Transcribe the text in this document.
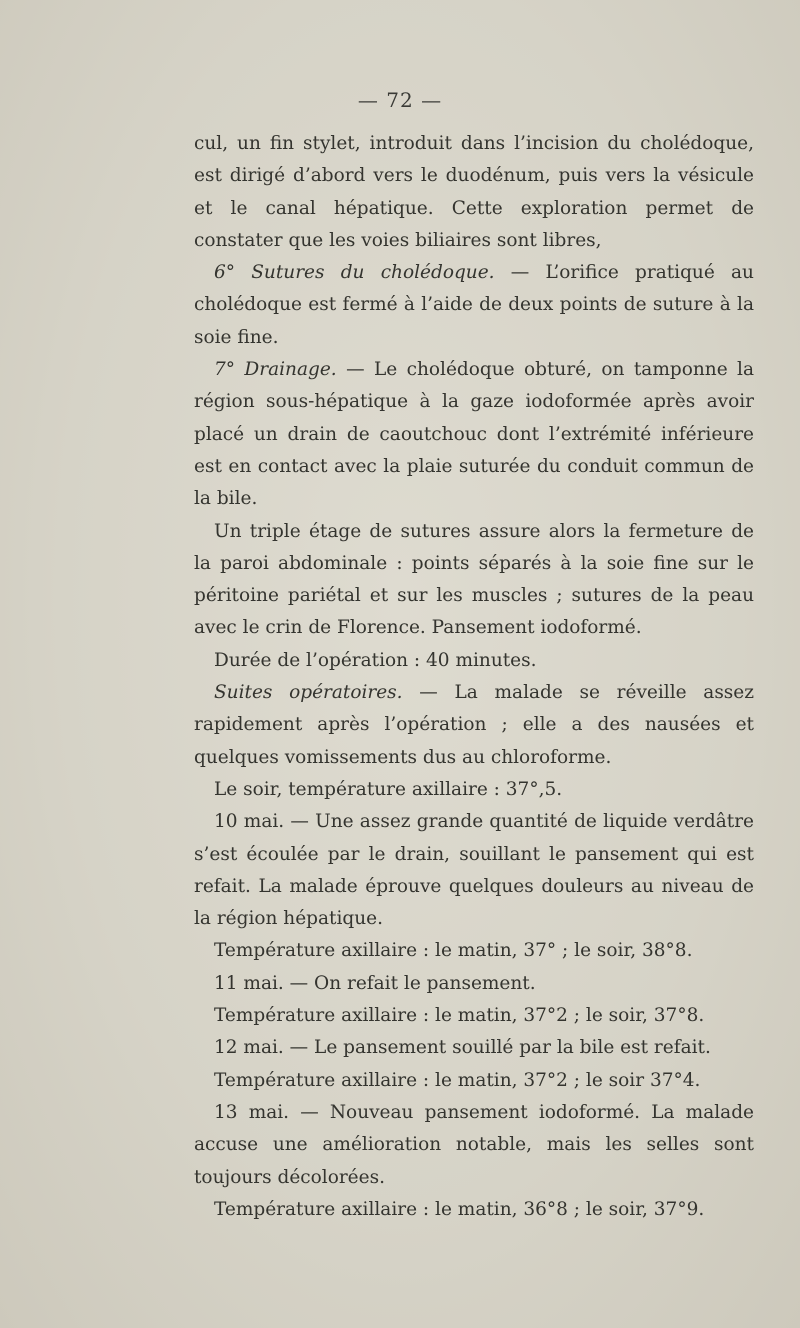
— 72 —

cul, un fin stylet, introduit dans l’incision du cholédoque, est dirigé d’abord vers le duodénum, puis vers la vésicule et le canal hépatique. Cette exploration permet de constater que les voies biliaires sont libres,

6° Sutures du cholédoque. — L’orifice pratiqué au cholédoque est fermé à l’aide de deux points de suture à la soie fine.

7° Drainage. — Le cholédoque obturé, on tamponne la région sous-hépatique à la gaze iodoformée après avoir placé un drain de caoutchouc dont l’extrémité inférieure est en contact avec la plaie suturée du conduit commun de la bile.

Un triple étage de sutures assure alors la fermeture de la paroi abdominale : points séparés à la soie fine sur le péritoine pariétal et sur les muscles ; sutures de la peau avec le crin de Florence. Pansement iodoformé.

Durée de l’opération : 40 minutes.

Suites opératoires. — La malade se réveille assez rapidement après l’opération ; elle a des nausées et quelques vomissements dus au chloroforme.

Le soir, température axillaire : 37°,5.

10 mai. — Une assez grande quantité de liquide verdâtre s’est écoulée par le drain, souillant le pansement qui est refait. La malade éprouve quelques douleurs au niveau de la région hépatique.

Température axillaire : le matin, 37° ; le soir, 38°8.

11 mai. — On refait le pansement.

Température axillaire : le matin, 37°2 ; le soir, 37°8.

12 mai. — Le pansement souillé par la bile est refait.

Température axillaire : le matin, 37°2 ; le soir 37°4.

13 mai. — Nouveau pansement iodoformé. La malade accuse une amélioration notable, mais les selles sont toujours décolorées.

Température axillaire : le matin, 36°8 ; le soir, 37°9.
